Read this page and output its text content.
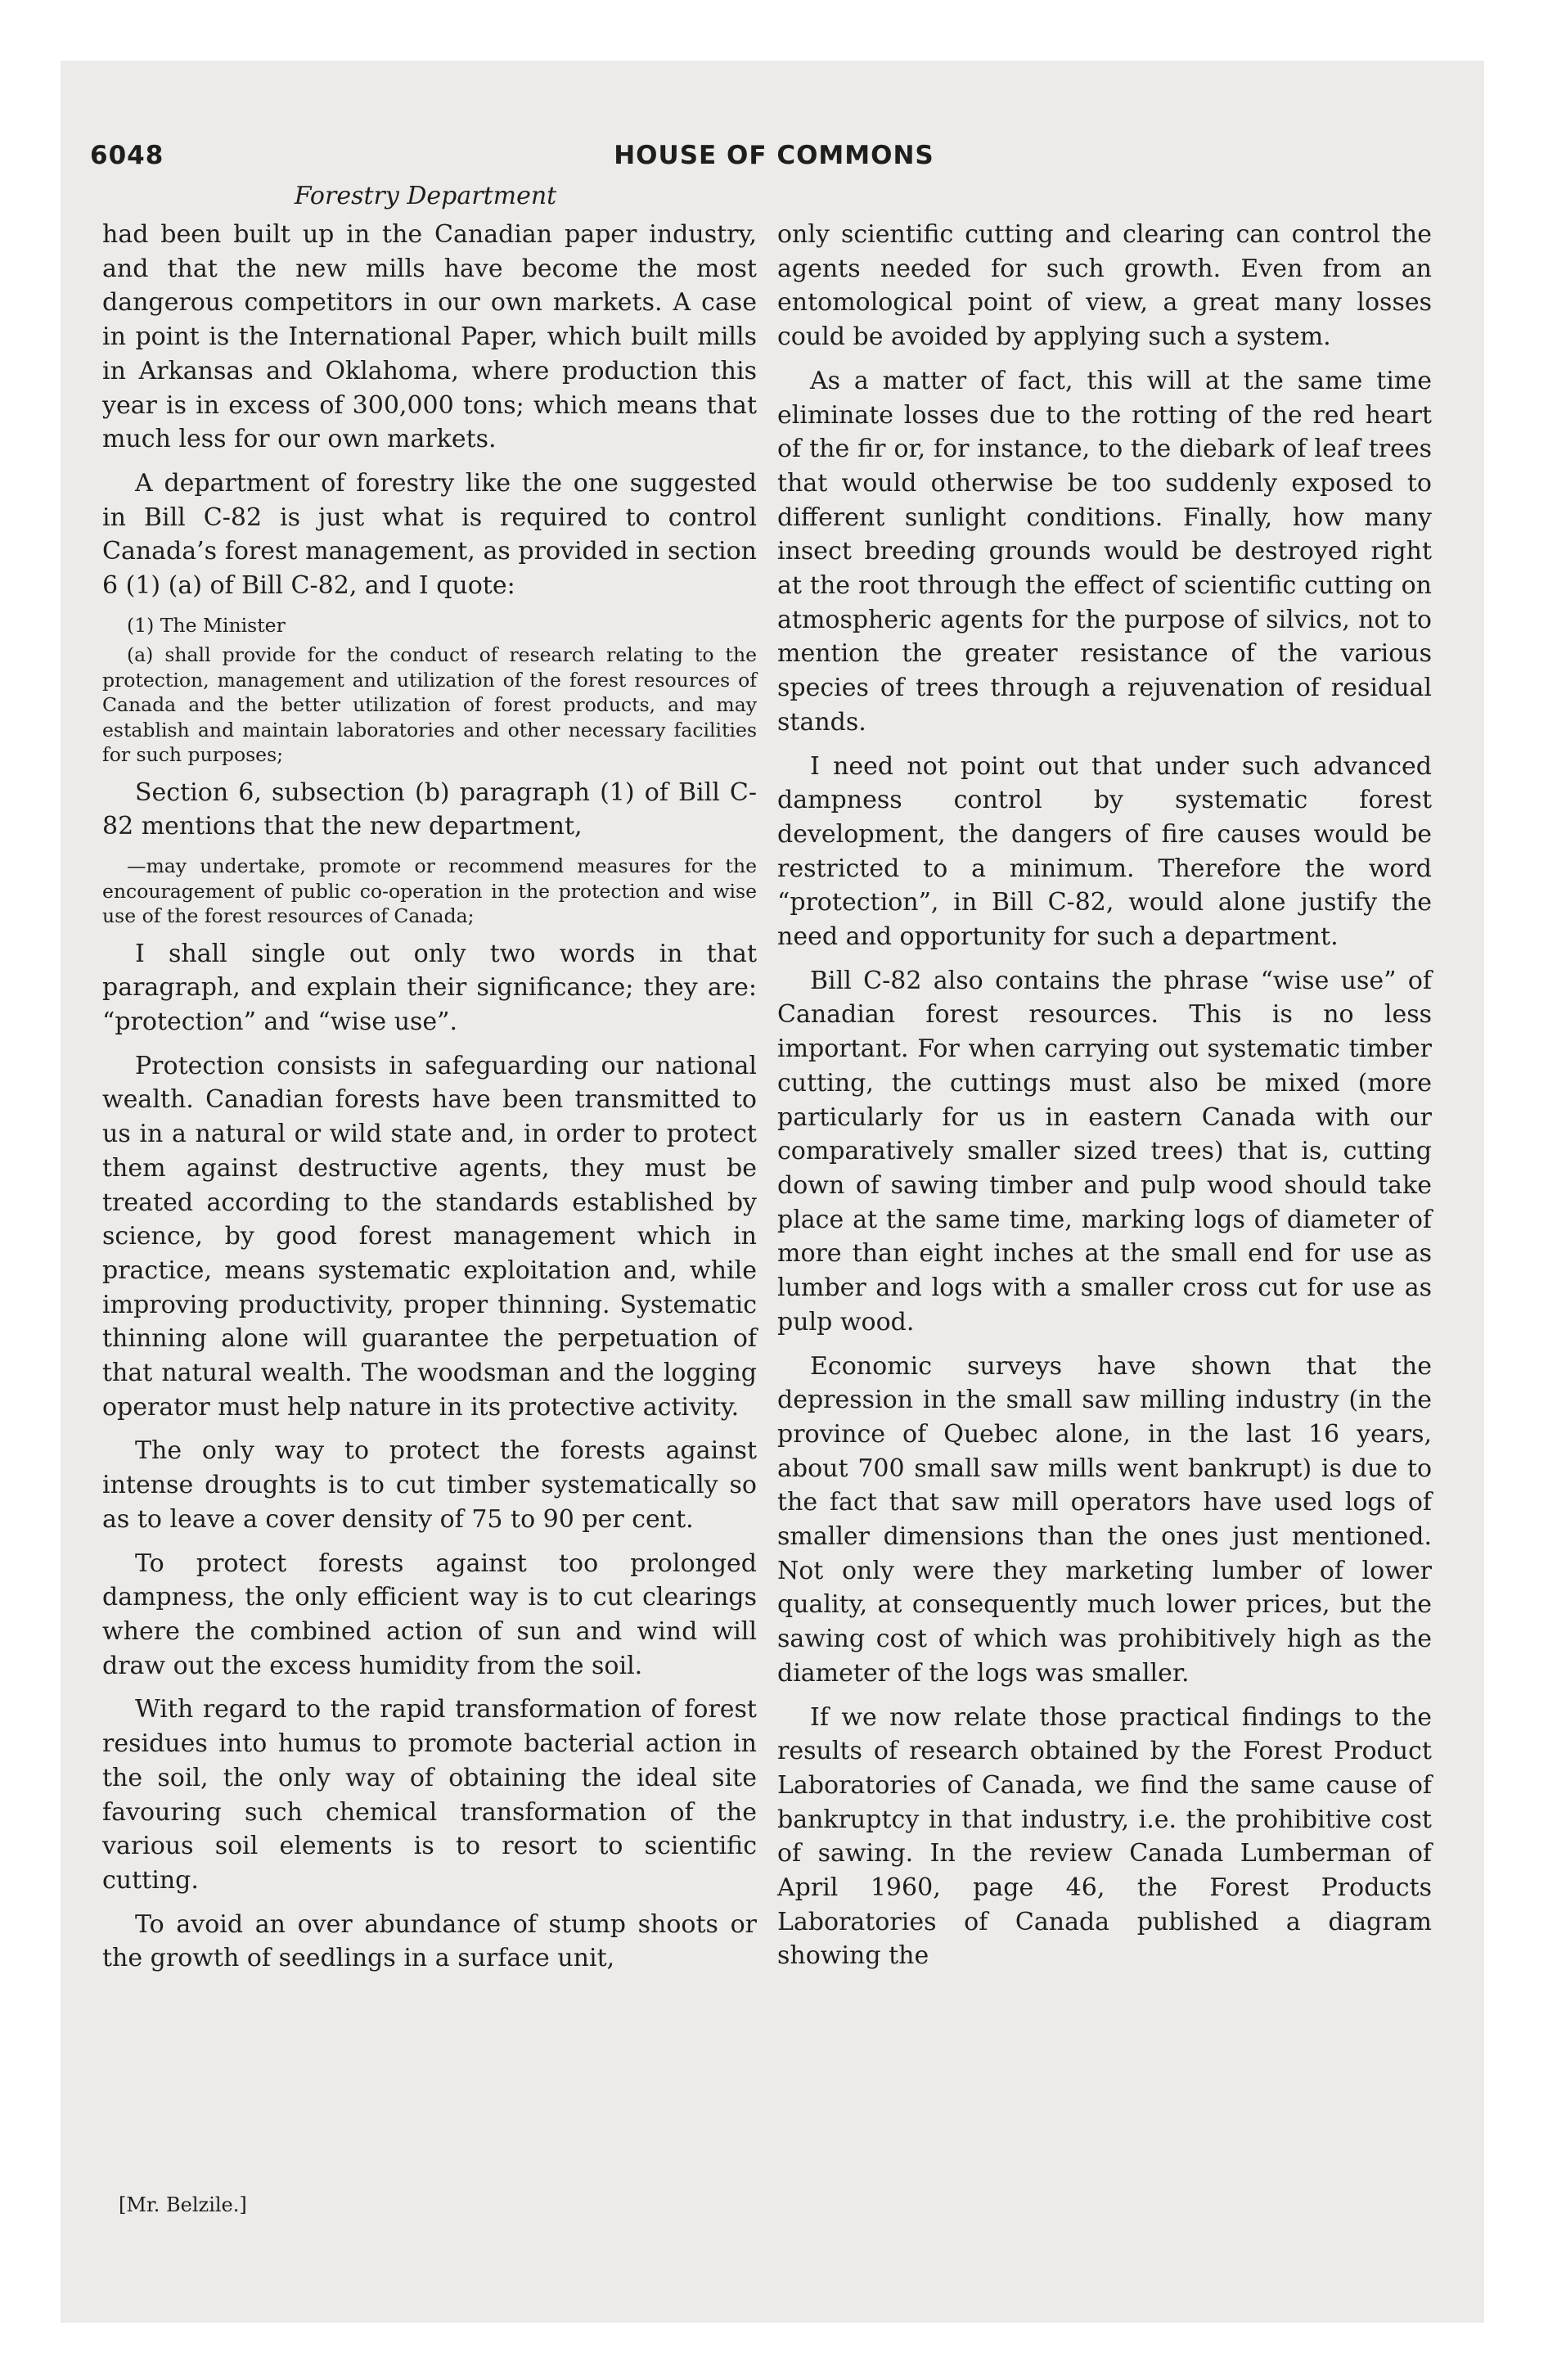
6048	HOUSE OF COMMONS

Forestry Department

had been built up in the Canadian paper industry, and that the new mills have become the most dangerous competitors in our own markets. A case in point is the International Paper, which built mills in Arkansas and Oklahoma, where production this year is in excess of 300,000 tons; which means that much less for our own markets.

A department of forestry like the one suggested in Bill C-82 is just what is required to control Canada’s forest management, as provided in section 6 (1) (a) of Bill C-82, and I quote:

(1) The Minister

(a) shall provide for the conduct of research relating to the protection, management and utilization of the forest resources of Canada and the better utilization of forest products, and may establish and maintain laboratories and other necessary facilities for such purposes;

Section 6, subsection (b) paragraph (1) of Bill C-82 mentions that the new department,

—may undertake, promote or recommend measures for the encouragement of public co-operation in the protection and wise use of the forest resources of Canada;

I shall single out only two words in that paragraph, and explain their significance; they are: “protection” and “wise use”.

Protection consists in safeguarding our national wealth. Canadian forests have been transmitted to us in a natural or wild state and, in order to protect them against destructive agents, they must be treated according to the standards established by science, by good forest management which in practice, means systematic exploitation and, while improving productivity, proper thinning. Systematic thinning alone will guarantee the perpetuation of that natural wealth. The woodsman and the logging operator must help nature in its protective activity.

The only way to protect the forests against intense droughts is to cut timber systematically so as to leave a cover density of 75 to 90 per cent.

To protect forests against too prolonged dampness, the only efficient way is to cut clearings where the combined action of sun and wind will draw out the excess humidity from the soil.

With regard to the rapid transformation of forest residues into humus to promote bacterial action in the soil, the only way of obtaining the ideal site favouring such chemical transformation of the various soil elements is to resort to scientific cutting.

To avoid an over abundance of stump shoots or the growth of seedlings in a surface unit,

only scientific cutting and clearing can control the agents needed for such growth. Even from an entomological point of view, a great many losses could be avoided by applying such a system.

As a matter of fact, this will at the same time eliminate losses due to the rotting of the red heart of the fir or, for instance, to the diebark of leaf trees that would otherwise be too suddenly exposed to different sunlight conditions. Finally, how many insect breeding grounds would be destroyed right at the root through the effect of scientific cutting on atmospheric agents for the purpose of silvics, not to mention the greater resistance of the various species of trees through a rejuvenation of residual stands.

I need not point out that under such advanced dampness control by systematic forest development, the dangers of fire causes would be restricted to a minimum. Therefore the word “protection”, in Bill C-82, would alone justify the need and opportunity for such a department.

Bill C-82 also contains the phrase “wise use” of Canadian forest resources. This is no less important. For when carrying out systematic timber cutting, the cuttings must also be mixed (more particularly for us in eastern Canada with our comparatively smaller sized trees) that is, cutting down of sawing timber and pulp wood should take place at the same time, marking logs of diameter of more than eight inches at the small end for use as lumber and logs with a smaller cross cut for use as pulp wood.

Economic surveys have shown that the depression in the small saw milling industry (in the province of Quebec alone, in the last 16 years, about 700 small saw mills went bankrupt) is due to the fact that saw mill operators have used logs of smaller dimensions than the ones just mentioned. Not only were they marketing lumber of lower quality, at consequently much lower prices, but the sawing cost of which was prohibitively high as the diameter of the logs was smaller.

If we now relate those practical findings to the results of research obtained by the Forest Product Laboratories of Canada, we find the same cause of bankruptcy in that industry, i.e. the prohibitive cost of sawing. In the review Canada Lumberman of April 1960, page 46, the Forest Products Laboratories of Canada published a diagram showing the

[Mr. Belzile.]
